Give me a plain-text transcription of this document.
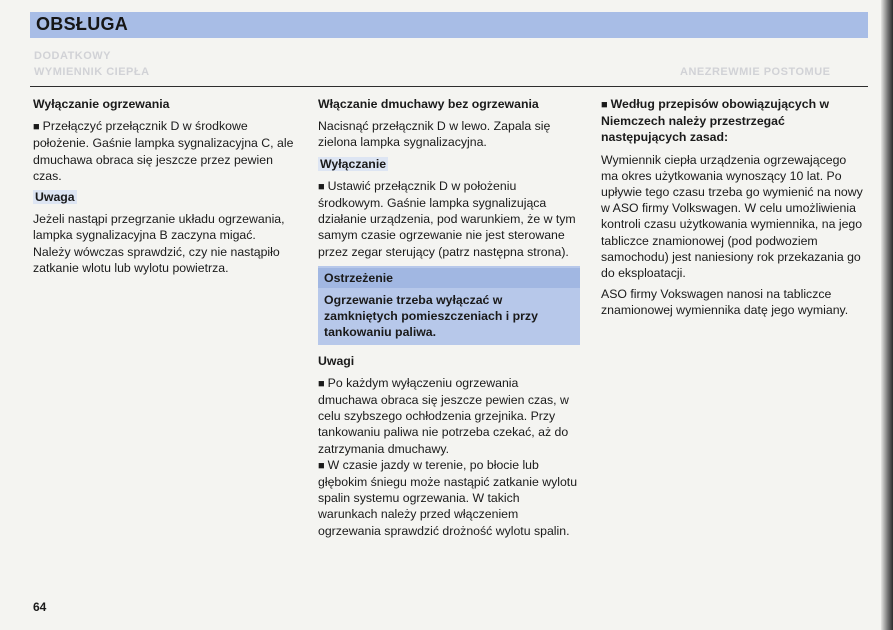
DODATKOWY
WYMIENNIK CIEPŁA	ANEZREWMIE POSTOMUE
OBSŁUGA
Wyłączanie ogrzewania

■ Przełączyć przełącznik D w środkowe położenie. Gaśnie lampka sygnalizacyjna C, ale dmuchawa obraca się jeszcze przez pewien czas.

Uwaga

Jeżeli nastąpi przegrzanie układu ogrzewania, lampka sygnalizacyjna B zaczyna migać. Należy wówczas sprawdzić, czy nie nastąpiło zatkanie wlotu lub wylotu powietrza.

Włączanie dmuchawy bez ogrzewania

Nacisnąć przełącznik D w lewo. Zapala się zielona lampka sygnalizacyjna.

Wyłączanie

■ Ustawić przełącznik D w położeniu środkowym. Gaśnie lampka sygnalizująca działanie urządzenia, pod warunkiem, że w tym samym czasie ogrzewanie nie jest sterowane przez zegar sterujący (patrz następna strona).

Ostrzeżenie
Ogrzewanie trzeba wyłączać w zamkniętych pomieszczeniach i przy tankowaniu paliwa.
Uwagi

■ Po każdym wyłączeniu ogrzewania dmuchawa obraca się jeszcze pewien czas, w celu szybszego ochłodzenia grzejnika. Przy tankowaniu paliwa nie potrzeba czekać, aż do zatrzymania dmuchawy.

■ W czasie jazdy w terenie, po błocie lub głębokim śniegu może nastąpić zatkanie wylotu spalin systemu ogrzewania. W takich warunkach należy przed włączeniem ogrzewania sprawdzić drożność wylotu spalin.

■ Według przepisów obowiązujących w Niemczech należy przestrzegać następujących zasad:

Wymiennik ciepła urządzenia ogrzewającego ma okres użytkowania wynoszący 10 lat. Po upływie tego czasu trzeba go wymienić na nowy w ASO firmy Volkswagen. W celu umożliwienia kontroli czasu użytkowania wymiennika, na jego tabliczce znamionowej (pod podwoziem samochodu) jest naniesiony rok przekazania go do eksploatacji.

ASO firmy Vokswagen nanosi na tabliczce znamionowej wymiennika datę jego wymiany.

64
